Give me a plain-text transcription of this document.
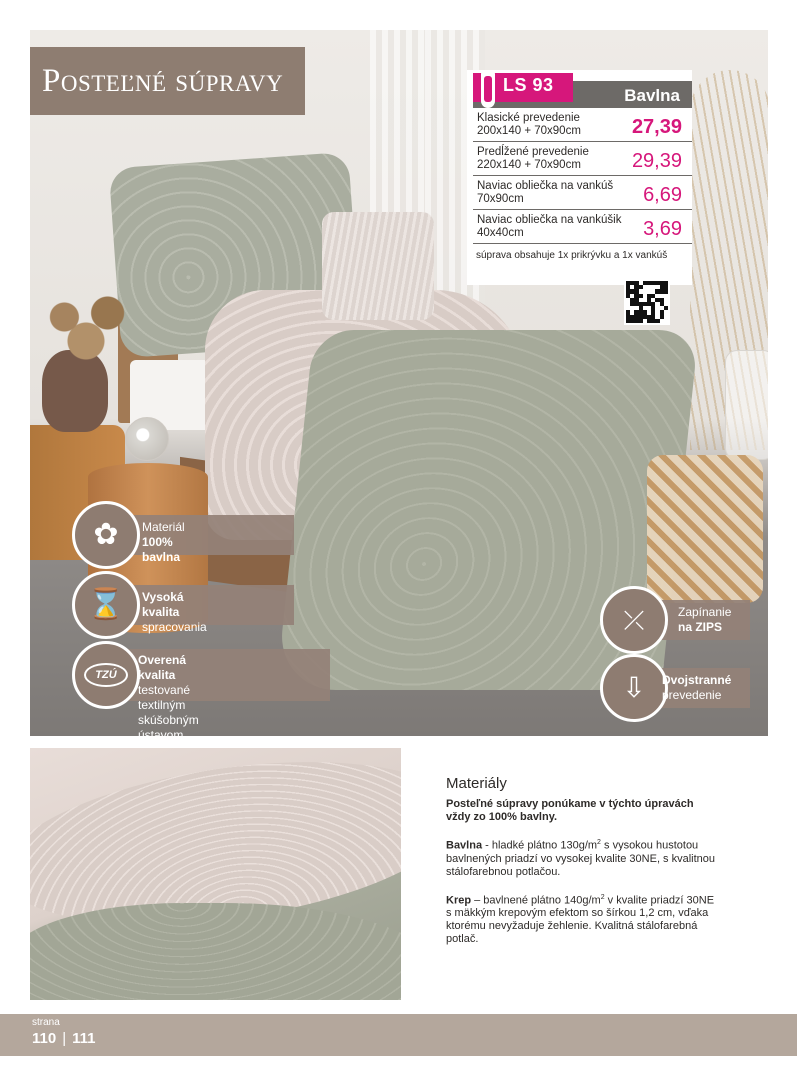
Posteľné súpravy	LS 93
Bavlna
Klasické prevedenie 200x140 + 70x90cm	27,39
Predĺžené prevedenie 220x140 + 70x90cm	29,39
Naviac obliečka na vankúš 70x90cm	6,69
Naviac obliečka na vankúšik 40x40cm	3,69
súprava obsahuje 1x prikrývku a 1x vankúš
✿ Materiál
100% bavlna
⌛ Vysoká kvalita
spracovania
TZÚ
Overená kvalita
testované textilným
skúšobným ústavom
⤫	Zapínanie
na ZIPS
⇩ Dvojstranné
prevedenie
Materiály

Posteľné súpravy ponúkame v týchto úpravách vždy zo 100% bavlny.

Bavlna - hladké plátno $130g/m^2$ s vysokou hustotou bavlnených priadzí vo vysokej kvalite 30NE, s kvalitnou stálofarebnou potlačou.

Krep – bavlnené plátno $140g/m^2$ v kvalite priadzí 30NE s mäkkým krepovým efektom so šírkou 1,2 cm, vďaka ktorému nevyžaduje žehlenie. Kvalitná stálofarebná potlač.

strana
110 | 111
